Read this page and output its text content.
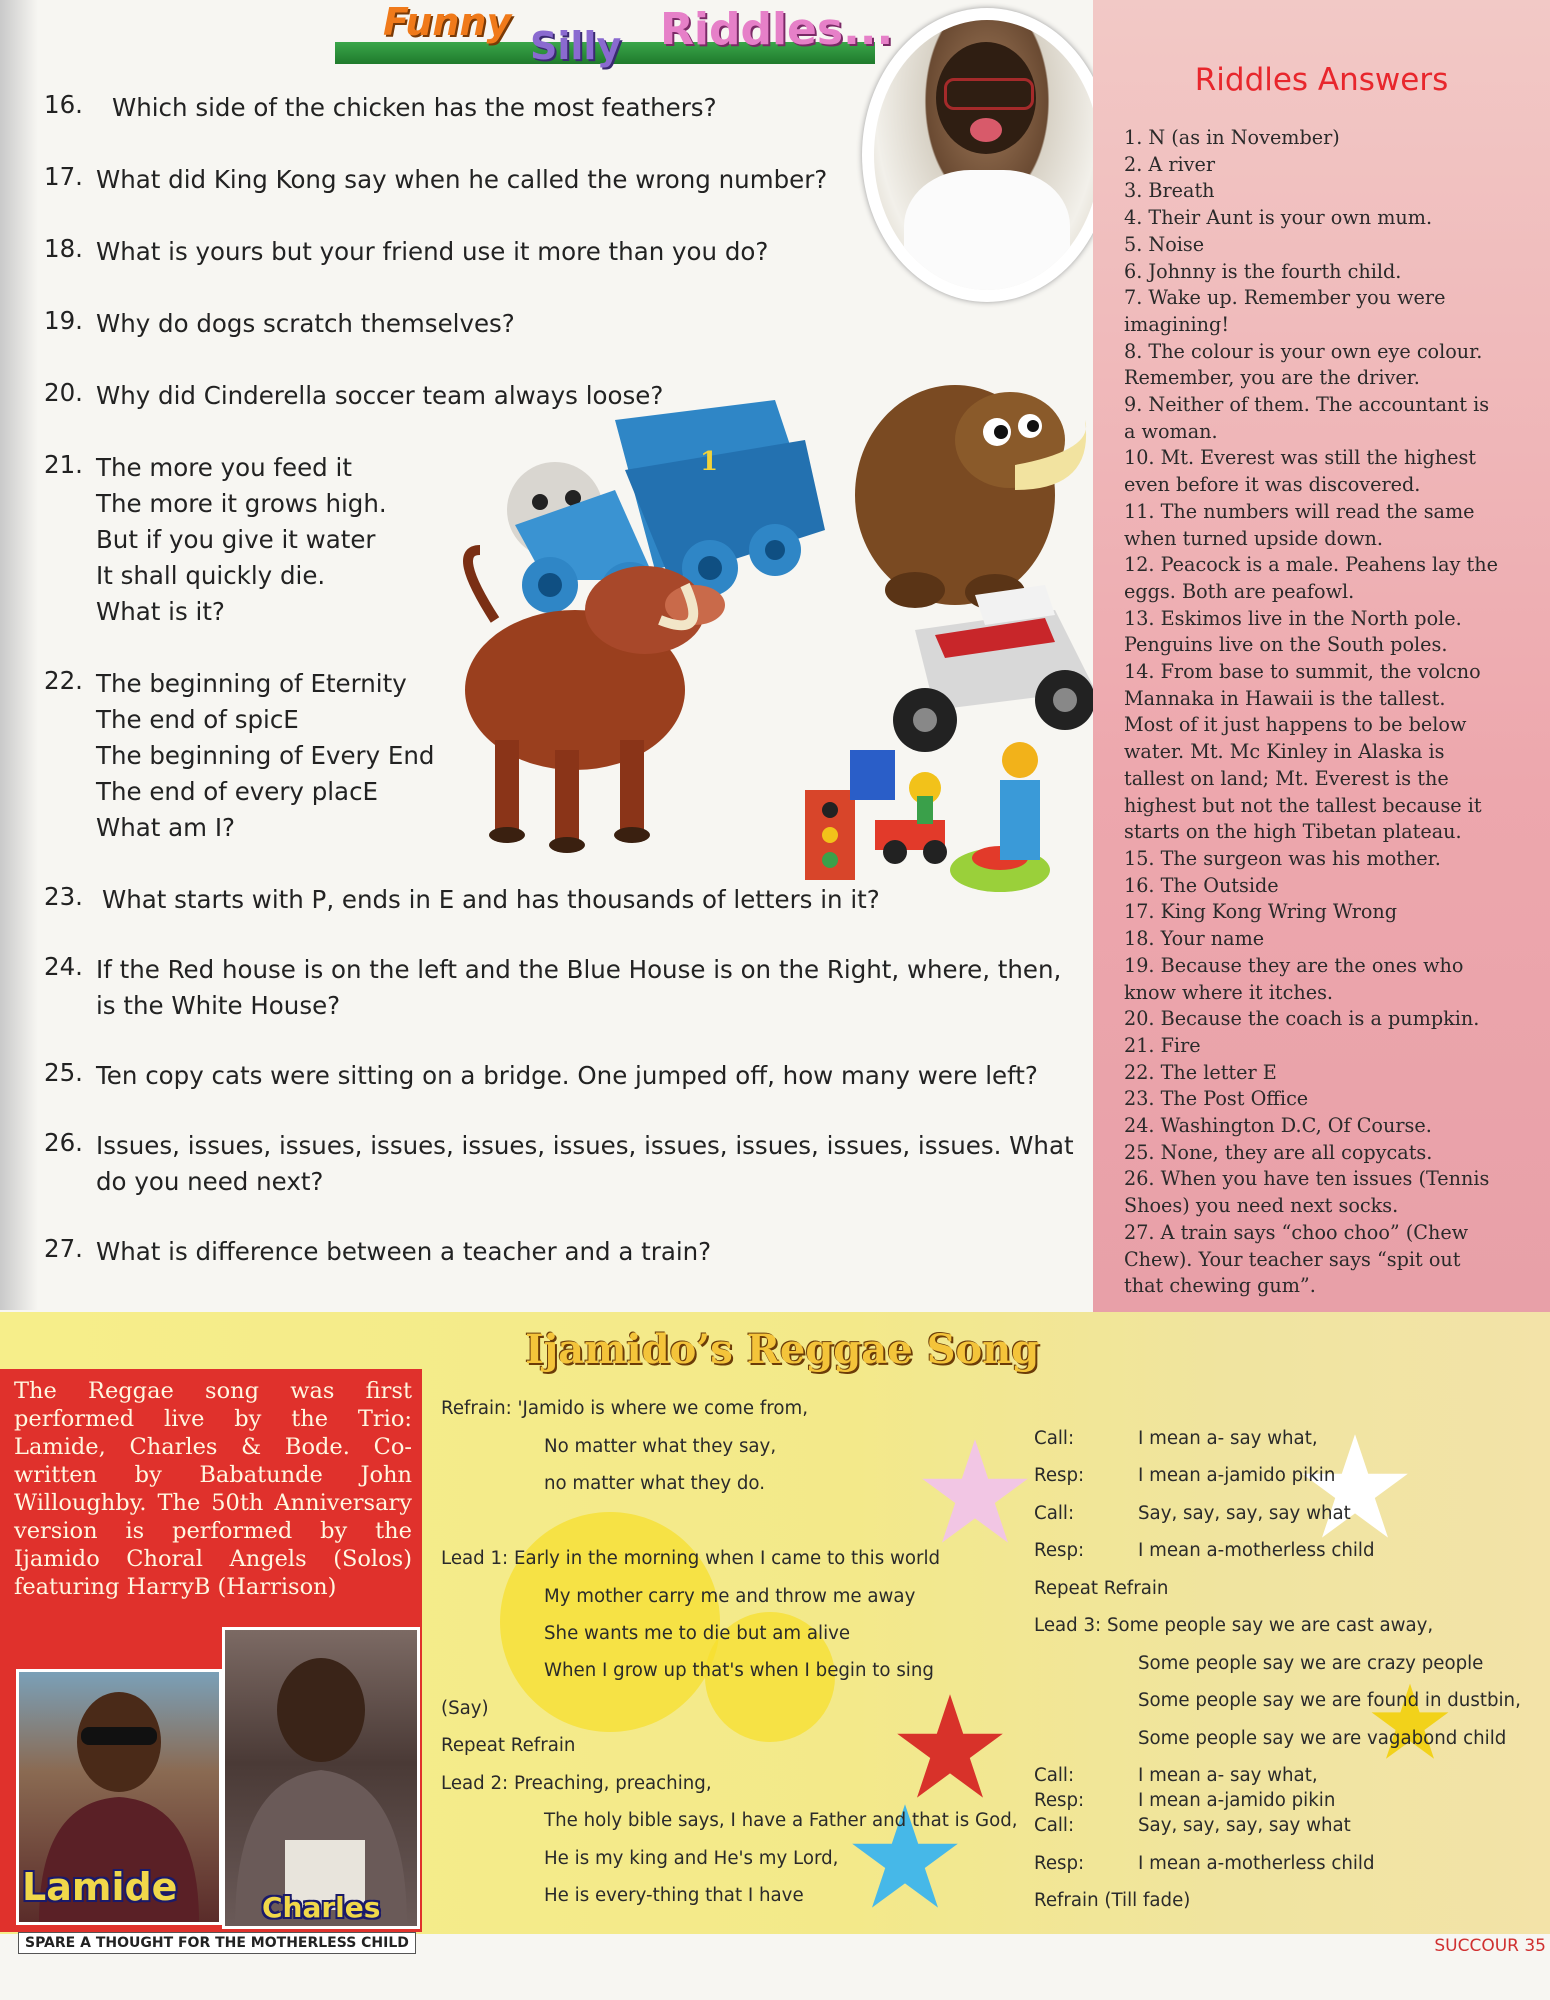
Funny
Silly Riddles...
16.	Which side of the chicken has the most feathers?
17. What did King Kong say when he called the wrong number?
18. What is yours but your friend use it more than you do?
19. Why do dogs scratch themselves?
20. Why did Cinderella soccer team always loose?
21. The more you feed it
The more it grows high.
But if you give it water
It shall quickly die.
What is it?
22. The beginning of Eternity
The end of spicE
The beginning of Every End
The end of every placE
What am I?
23. What starts with P, ends in E and has thousands of letters in it?
24. If the Red house is on the left and the Blue House is on the Right, where, then,
is the White House?
25. Ten copy cats were sitting on a bridge. One jumped off, how many were left?
26. Issues, issues, issues, issues, issues, issues, issues, issues, issues, issues. What
do you need next?
27. What is difference between a teacher and a train?
1
Riddles Answers
1. N (as in November)
2. A river
3. Breath
4. Their Aunt is your own mum.
5. Noise
6. Johnny is the fourth child.
7. Wake up. Remember you were
imagining!
8. The colour is your own eye colour.
Remember, you are the driver.
9. Neither of them. The accountant is
a woman.
10. Mt. Everest was still the highest
even before it was discovered.
11. The numbers will read the same
when turned upside down.
12. Peacock is a male. Peahens lay the
eggs. Both are peafowl.
13. Eskimos live in the North pole.
Penguins live on the South poles.
14. From base to summit, the volcno
Mannaka in Hawaii is the tallest.
Most of it just happens to be below
water. Mt. Mc Kinley in Alaska is
tallest on land; Mt. Everest is the
highest but not the tallest because it
starts on the high Tibetan plateau.
15. The surgeon was his mother.
16. The Outside
17. King Kong Wring Wrong
18. Your name
19. Because they are the ones who
know where it itches.
20. Because the coach is a pumpkin.
21. Fire
22. The letter E
23. The Post Office
24. Washington D.C, Of Course.
25. None, they are all copycats.
26. When you have ten issues (Tennis
Shoes) you need next socks.
27. A train says “choo choo” (Chew
Chew). Your teacher says “spit out
that chewing gum”.
Ijamido’s Reggae Song
The Reggae song was first performed live by the Trio: Lamide, Charles & Bode. Co-written by Babatunde John Willoughby. The 50th Anniversary version is performed by the Ijamido Choral Angels (Solos) featuring HarryB (Harrison)
Lamide	Charles
Refrain: 'Jamido is where we come from,
No matter what they say,
no matter what they do.
Lead 1: Early in the morning when I came to this world
My mother carry me and throw me away
She wants me to die but am alive
When I grow up that's when I begin to sing
(Say)
Repeat Refrain
Lead 2: Preaching, preaching,
The holy bible says, I have a Father and that is God,
He is my king and He's my Lord,
He is every-thing that I have
Call:	I mean a- say what,
Resp:	I mean a-jamido pikin
Call:	Say, say, say, say what
Resp:	I mean a-motherless child
Repeat Refrain
Lead 3: Some people say we are cast away,
Some people say we are crazy people
Some people say we are found in dustbin,
Some people say we are vagabond child
Call:	I mean a- say what,
Resp:	I mean a-jamido pikin
Call:	Say, say, say, say what
Resp:	I mean a-motherless child
Refrain (Till fade)
SPARE A THOUGHT FOR THE MOTHERLESS CHILD	SUCCOUR 35
